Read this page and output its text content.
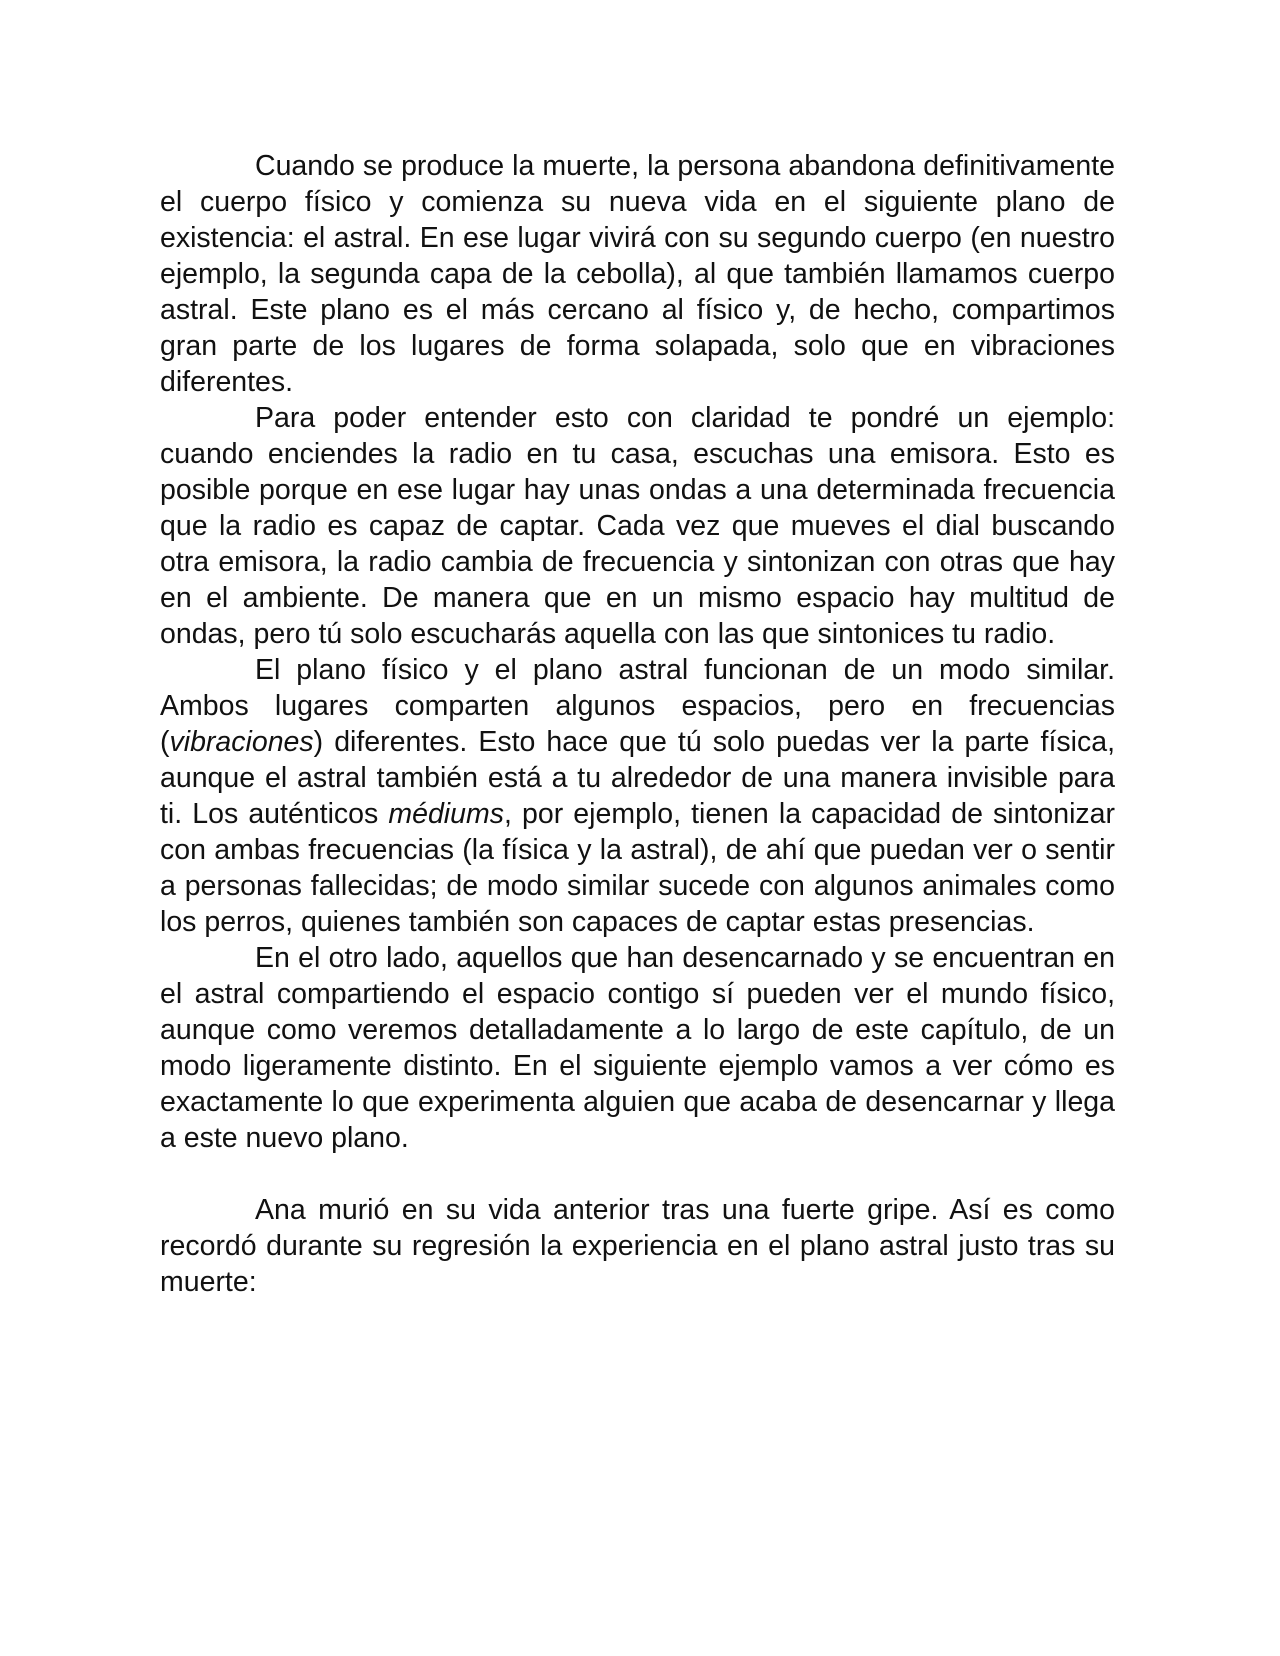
Cuando se produce la muerte, la persona abandona definitivamente el cuerpo físico y comienza su nueva vida en el siguiente plano de existencia: el astral. En ese lugar vivirá con su segundo cuerpo (en nuestro ejemplo, la segunda capa de la cebolla), al que también llamamos cuerpo astral. Este plano es el más cercano al físico y, de hecho, compartimos gran parte de los lugares de forma solapada, solo que en vibraciones diferentes.

Para poder entender esto con claridad te pondré un ejemplo: cuando enciendes la radio en tu casa, escuchas una emisora. Esto es posible porque en ese lugar hay unas ondas a una determinada frecuencia que la radio es capaz de captar. Cada vez que mueves el dial buscando otra emisora, la radio cambia de frecuencia y sintonizan con otras que hay en el ambiente. De manera que en un mismo espacio hay multitud de ondas, pero tú solo escucharás aquella con las que sintonices tu radio.

El plano físico y el plano astral funcionan de un modo similar. Ambos lugares comparten algunos espacios, pero en frecuencias (vibraciones) diferentes. Esto hace que tú solo puedas ver la parte física, aunque el astral también está a tu alrededor de una manera invisible para ti. Los auténticos médiums, por ejemplo, tienen la capacidad de sintonizar con ambas frecuencias (la física y la astral), de ahí que puedan ver o sentir a personas fallecidas; de modo similar sucede con algunos animales como los perros, quienes también son capaces de captar estas presencias.

En el otro lado, aquellos que han desencarnado y se encuentran en el astral compartiendo el espacio contigo sí pueden ver el mundo físico, aunque como veremos detalladamente a lo largo de este capítulo, de un modo ligeramente distinto. En el siguiente ejemplo vamos a ver cómo es exactamente lo que experimenta alguien que acaba de desencarnar y llega a este nuevo plano.

Ana murió en su vida anterior tras una fuerte gripe. Así es como recordó durante su regresión la experiencia en el plano astral justo tras su muerte:
